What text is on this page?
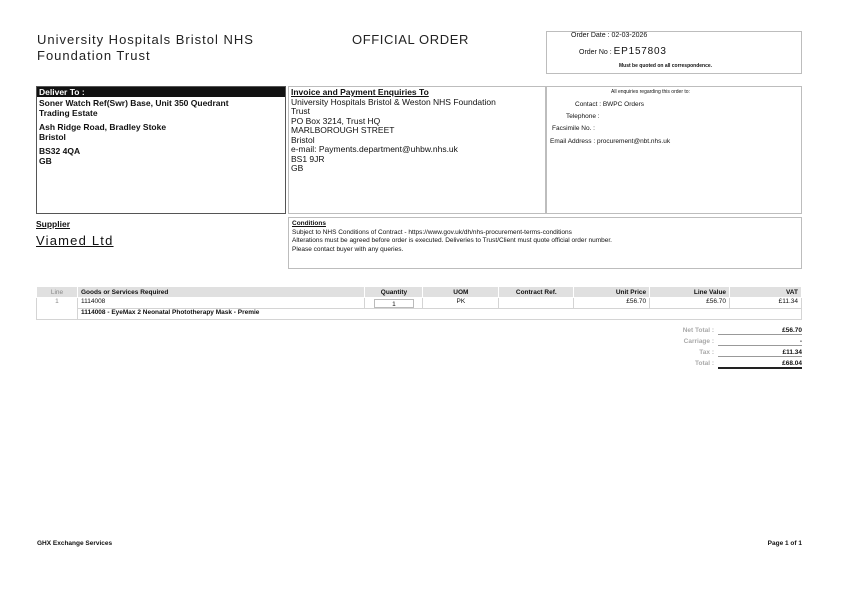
University Hospitals Bristol NHS
Foundation Trust
OFFICIAL ORDER	Order Date : 02-03-2026
Order No : EP157803
Must be quoted on all correspondence.
Deliver To :
Soner Watch Ref(Swr) Base, Unit 350 Quedrant
Trading Estate
Ash Ridge Road, Bradley Stoke
Bristol
BS32 4QA
GB
Invoice and Payment Enquiries To
University Hospitals Bristol & Weston NHS Foundation
Trust
PO Box 3214, Trust HQ
MARLBOROUGH STREET
Bristol
e-mail: Payments.department@uhbw.nhs.uk
BS1 9JR
GB
All enquiries regarding this order to:
Contact : BWPC Orders
Telephone :
Facsimile No. :
Email Address : procurement@nbt.nhs.uk
Supplier
Viamed Ltd
Conditions
Subject to NHS Conditions of Contract - https://www.gov.uk/dh/nhs-procurement-terms-conditions
Alterations must be agreed before order is executed. Deliveries to Trust/Client must quote official order number.
Please contact buyer with any queries.
Line	Goods or Services Required	Quantity	UOM	Contract Ref.	Unit Price	Line Value	VAT
1	1114008	1	PK		£56.70	£56.70	£11.34
	1114008 - EyeMax 2 Neonatal Phototherapy Mask - Premie						
Net Total :	£56.70
Carriage :	-
Tax :	£11.34
Total :	£68.04
GHX Exchange Services	Page 1 of 1
